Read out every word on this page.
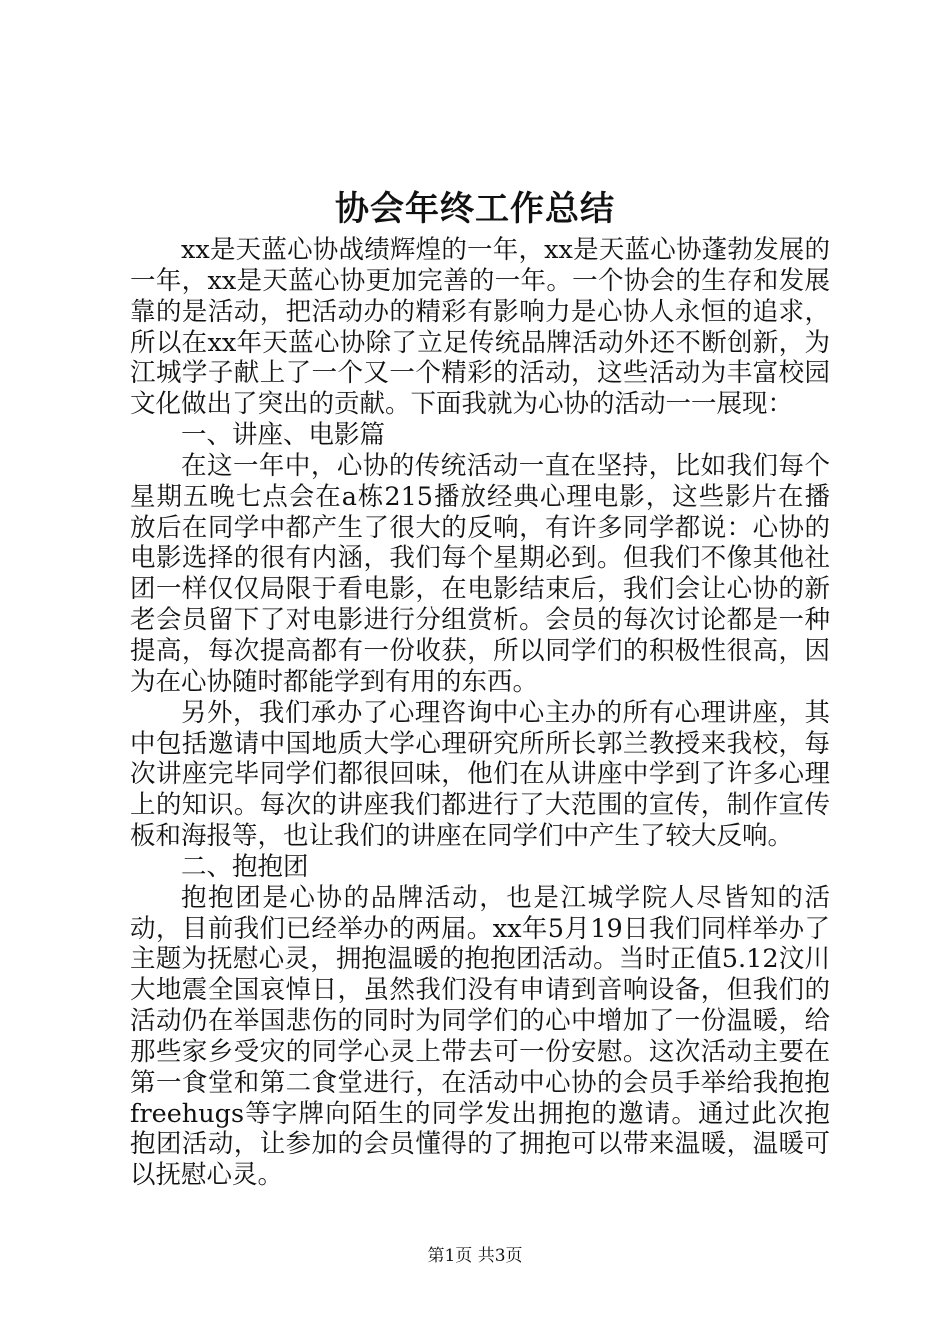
协会年终工作总结

xx是天蓝心协战绩辉煌的一年，xx是天蓝心协蓬勃发展的一年，xx是天蓝心协更加完善的一年。一个协会的生存和发展靠的是活动，把活动办的精彩有影响力是心协人永恒的追求，所以在xx年天蓝心协除了立足传统品牌活动外还不断创新，为江城学子献上了一个又一个精彩的活动，这些活动为丰富校园文化做出了突出的贡献。下面我就为心协的活动一一展现：

一、讲座、电影篇

在这一年中，心协的传统活动一直在坚持，比如我们每个星期五晚七点会在a栋215播放经典心理电影，这些影片在播放后在同学中都产生了很大的反响，有许多同学都说：心协的电影选择的很有内涵，我们每个星期必到。但我们不像其他社团一样仅仅局限于看电影，在电影结束后，我们会让心协的新老会员留下了对电影进行分组赏析。会员的每次讨论都是一种提高，每次提高都有一份收获，所以同学们的积极性很高，因为在心协随时都能学到有用的东西。

另外，我们承办了心理咨询中心主办的所有心理讲座，其中包括邀请中国地质大学心理研究所所长郭兰教授来我校，每次讲座完毕同学们都很回味，他们在从讲座中学到了许多心理上的知识。每次的讲座我们都进行了大范围的宣传，制作宣传板和海报等，也让我们的讲座在同学们中产生了较大反响。

二、抱抱团

抱抱团是心协的品牌活动，也是江城学院人尽皆知的活动，目前我们已经举办的两届。xx年5月19日我们同样举办了主题为抚慰心灵，拥抱温暖的抱抱团活动。当时正值5.12汶川大地震全国哀悼日，虽然我们没有申请到音响设备，但我们的活动仍在举国悲伤的同时为同学们的心中增加了一份温暖，给那些家乡受灾的同学心灵上带去可一份安慰。这次活动主要在第一食堂和第二食堂进行，在活动中心协的会员手举给我抱抱freehugs等字牌向陌生的同学发出拥抱的邀请。通过此次抱抱团活动，让参加的会员懂得的了拥抱可以带来温暖，温暖可以抚慰心灵。

第1页 共3页
